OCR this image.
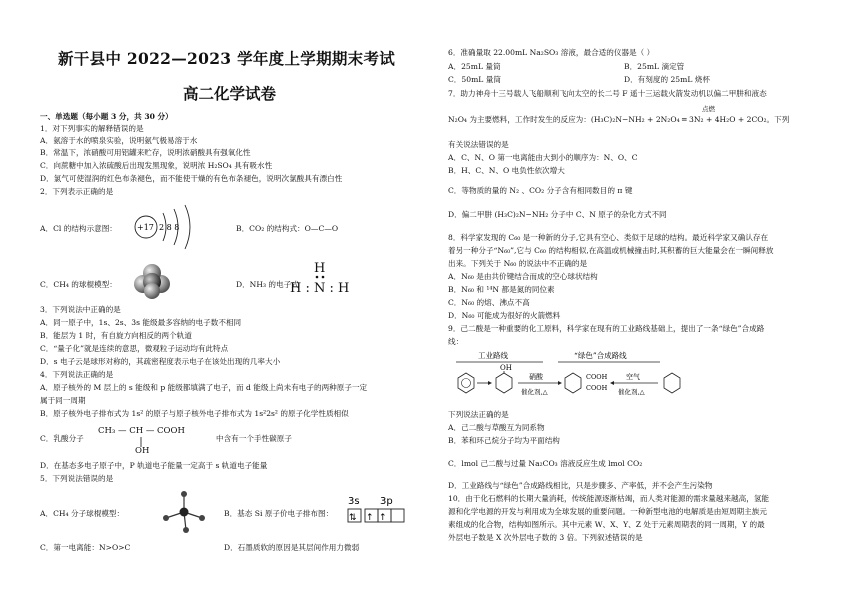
新干县中 2022—2023 学年度上学期期末考试
高二化学试卷
一、单选题（每小题 3 分，共 30 分）
1．对下列事实的解释错误的是
A．氨溶于水的喷泉实验，说明氨气极易溶于水
B．常温下，浓硝酸可用铝罐来贮存，说明浓硝酸具有强氧化性
C．向蔗糖中加入浓硫酸后出现发黑现象，说明浓 H₂SO₄ 具有吸水性
D．氯气可使湿润的红色布条褪色，而不能使干燥的有色布条褪色，说明次氯酸具有漂白性
2．下列表示正确的是
A．Cl 的结构示意图：	+17 2 8 8	B．CO₂ 的结构式：O—C—O
C．CH₄ 的球棍模型：	D．NH₃ 的电子式
H
H : N : H
3．下列说法中正确的是
A．同一原子中，1s、2s、3s 能级最多容纳的电子数不相同
B．能层为 1 时，有自旋方向相反的两个轨道
C．“量子化”就是连续的意思，微观粒子运动均有此特点
D．s 电子云是球形对称的，其疏密程度表示电子在该处出现的几率大小
4．下列说法正确的是
A．原子核外的 M 层上的 s 能级和 p 能级都填满了电子，而 d 能级上尚未有电子的两种原子一定
属于同一周期
B．原子核外电子排布式为 1s² 的原子与原子核外电子排布式为 1s²2s² 的原子化学性质相似
C．乳酸分子
CH₃ — CH — COOH
OH
中含有一个手性碳原子
D．在基态多电子原子中，P 轨道电子能量一定高于 s 轨道电子能量
5．下列说法错误的是
A．CH₄ 分子球棍模型：	B．基态 Si 原子价电子排布图：
3s 3p
⇅ ↑ ↑
C．第一电离能：N>O>C	D．石墨质软的原因是其层间作用力微弱
6．准确量取 22.00mL Na₂SO₃ 溶液，最合适的仪器是（ ）
A．25mL 量筒	B．25mL 滴定管
C．50mL 量筒	D．有刻度的 25mL 烧杯
7．助力神舟十三号载人飞船顺利飞向太空的长二号 F 遥十三运载火箭发动机以偏二甲肼和液态
点燃
N₂O₄ 为主要燃料，工作时发生的反应为：(H₃C)₂N−NH₂ + 2N₂O₄ ═ 3N₂ + 4H₂O + 2CO₂。下列
有关说法错误的是
A．C、N、O 第一电离能由大到小的顺序为：N、O、C
B．H、C、N、O 电负性依次增大
C．等物质的量的 N₂ 、CO₂ 分子含有相同数目的 π 键
D．偏二甲肼 (H₃C)₂N−NH₂ 分子中 C、N 原子的杂化方式不同
8．科学家发现的 C₆₀ 是一种新的分子,它具有空心、类似于足球的结构。最近科学家又确认存在
着另一种分子“N₆₀”,它与 C₆₀ 的结构相似,在高温或机械撞击时,其积蓄的巨大能量会在一瞬间释放
出来。下列关于 N₆₀ 的说法中不正确的是
A．N₆₀ 是由共价键结合而成的空心球状结构
B．N₆₀ 和 ¹⁴N 都是氮的同位素
C．N₆₀ 的熔、沸点不高
D．N₆₀ 可能成为很好的火箭燃料
9．己二酸是一种重要的化工原料，科学家在现有的工业路线基础上，提出了一条“绿色”合成路
线：
工业路线	“绿色”合成路线
OH
硝酸
催化剂,△
COOH
COOH
空气
催化剂,△
下列说法正确的是
A．己二酸与草酸互为同系物
B．苯和环己烷分子均为平面结构
C．lmol 己二酸与过量 Na₂CO₃ 溶液反应生成 lmol CO₂
D．工业路线与“绿色”合成路线相比，只是步骤多、产率低，并不会产生污染物
10．由于化石燃料的长期大量消耗，传统能源逐渐枯竭，而人类对能源的需求量越来越高，氢能
源和化学电源的开发与利用成为全球发展的重要问题。一种新型电池的电解质是由短周期主族元
素组成的化合物，结构如图所示。其中元素 W、X、Y、Z 处于元素周期表的同一周期，Y 的最
外层电子数是 X 次外层电子数的 3 倍。下列叙述错误的是
